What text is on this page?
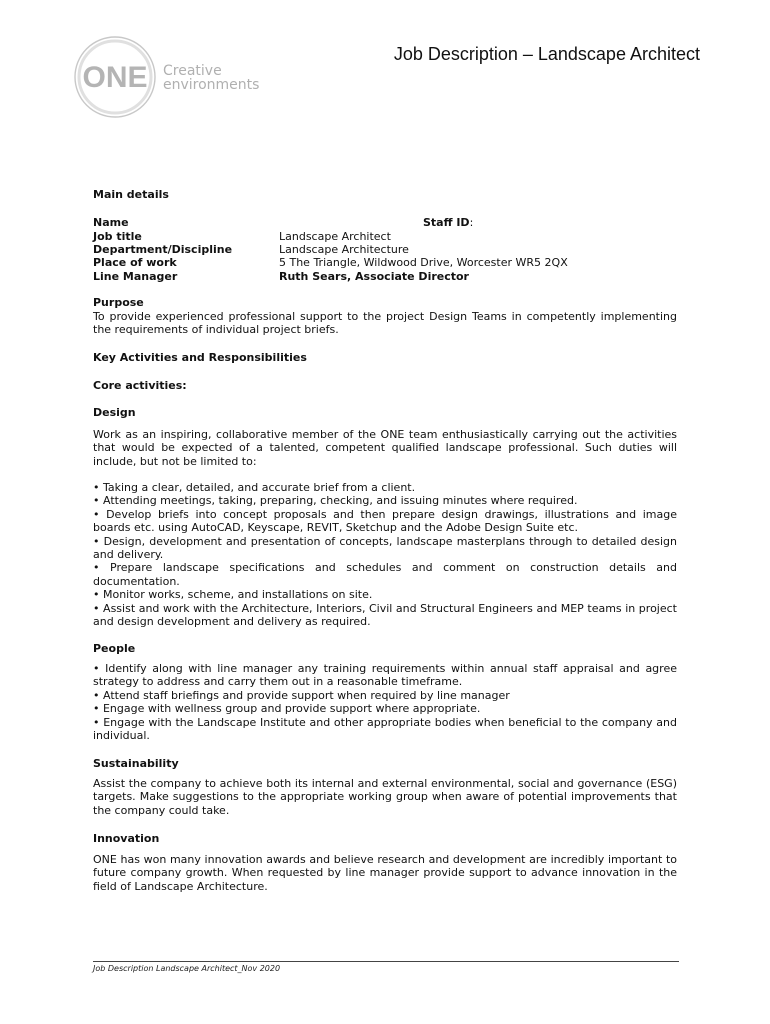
ONE Creative
environments
Job Description – Landscape Architect
Main details
Name
Job title
Department/Discipline
Place of work
Line Manager
Staff ID:
Landscape Architect
Landscape Architecture
5 The Triangle, Wildwood Drive, Worcester WR5 2QX
Ruth Sears, Associate Director
Purpose
To provide experienced professional support to the project Design Teams in competently implementing the requirements of individual project briefs.
Key Activities and Responsibilities
Core activities:
Design
Work as an inspiring, collaborative member of the ONE team enthusiastically carrying out the activities that would be expected of a talented, competent qualified landscape professional. Such duties will include, but not be limited to:

• Taking a clear, detailed, and accurate brief from a client.

• Attending meetings, taking, preparing, checking, and issuing minutes where required.

• Develop briefs into concept proposals and then prepare design drawings, illustrations and image boards etc. using AutoCAD, Keyscape, REVIT, Sketchup and the Adobe Design Suite etc.

• Design, development and presentation of concepts, landscape masterplans through to detailed design and delivery.

• Prepare landscape specifications and schedules and comment on construction details and documentation.

• Monitor works, scheme, and installations on site.

• Assist and work with the Architecture, Interiors, Civil and Structural Engineers and MEP teams in project and design development and delivery as required.

People

• Identify along with line manager any training requirements within annual staff appraisal and agree strategy to address and carry them out in a reasonable timeframe.

• Attend staff briefings and provide support when required by line manager

• Engage with wellness group and provide support where appropriate.

• Engage with the Landscape Institute and other appropriate bodies when beneficial to the company and individual.

Sustainability
Assist the company to achieve both its internal and external environmental, social and governance (ESG) targets. Make suggestions to the appropriate working group when aware of potential improvements that the company could take.
Innovation
ONE has won many innovation awards and believe research and development are incredibly important to future company growth. When requested by line manager provide support to advance innovation in the field of Landscape Architecture.
Job Description Landscape Architect_Nov 2020
